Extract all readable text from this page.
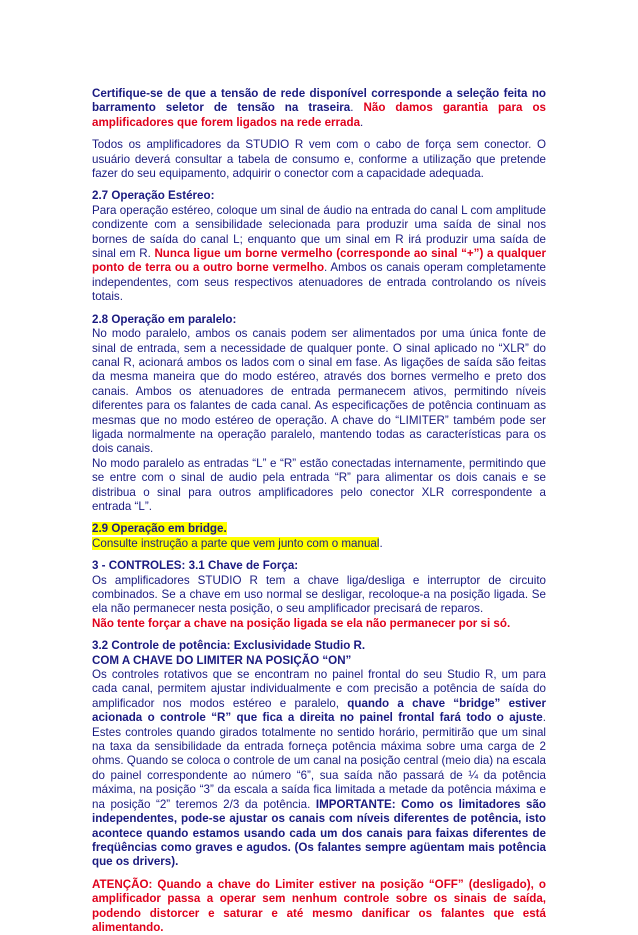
Certifique-se de que a tensão de rede disponível corresponde a seleção feita no barramento seletor de tensão na traseira. Não damos garantia para os amplificadores que forem ligados na rede errada.

Todos os amplificadores da STUDIO R vem com o cabo de força sem conector. O usuário deverá consultar a tabela de consumo e, conforme a utilização que pretende fazer do seu equipamento, adquirir o conector com a capacidade adequada.

2.7 Operação Estéreo:
Para operação estéreo, coloque um sinal de áudio na entrada do canal L com amplitude condizente com a sensibilidade selecionada para produzir uma saída de sinal nos bornes de saída do canal L; enquanto que um sinal em R irá produzir uma saída de sinal em R. Nunca ligue um borne vermelho (corresponde ao sinal “+”) a qualquer ponto de terra ou a outro borne vermelho. Ambos os canais operam completamente independentes, com seus respectivos atenuadores de entrada controlando os níveis totais.

2.8 Operação em paralelo:
No modo paralelo, ambos os canais podem ser alimentados por uma única fonte de sinal de entrada, sem a necessidade de qualquer ponte. O sinal aplicado no “XLR” do canal R, acionará ambos os lados com o sinal em fase. As ligações de saída são feitas da mesma maneira que do modo estéreo, através dos bornes vermelho e preto dos canais. Ambos os atenuadores de entrada permanecem ativos, permitindo níveis diferentes para os falantes de cada canal. As especificações de potência continuam as mesmas que no modo estéreo de operação. A chave do “LIMITER” também pode ser ligada normalmente na operação paralelo, mantendo todas as características para os dois canais.
No modo paralelo as entradas “L” e “R” estão conectadas internamente, permitindo que se entre com o sinal de audio pela entrada “R” para alimentar os dois canais e se distribua o sinal para outros amplificadores pelo conector XLR correspondente a entrada “L”.

2.9 Operação em bridge.
Consulte instrução a parte que vem junto com o manual.

3 - CONTROLES: 3.1 Chave de Força:
Os amplificadores STUDIO R tem a chave liga/desliga e interruptor de circuito combinados. Se a chave em uso normal se desligar, recoloque-a na posição ligada. Se ela não permanecer nesta posição, o seu amplificador precisará de reparos.
Não tente forçar a chave na posição ligada se ela não permanecer por si só.

3.2 Controle de potência: Exclusividade Studio R.
COM A CHAVE DO LIMITER NA POSIÇÃO “ON”
Os controles rotativos que se encontram no painel frontal do seu Studio R, um para cada canal, permitem ajustar individualmente e com precisão a potência de saída do amplificador nos modos estéreo e paralelo, quando a chave “bridge” estiver acionada o controle “R” que fica a direita no painel frontal fará todo o ajuste. Estes controles quando girados totalmente no sentido horário, permitirão que um sinal na taxa da sensibilidade da entrada forneça potência máxima sobre uma carga de 2 ohms. Quando se coloca o controle de um canal na posição central (meio dia) na escala do painel correspondente ao número “6”, sua saída não passará de ¼ da potência máxima, na posição “3” da escala a saída fica limitada a metade da potência máxima e na posição “2” teremos 2/3 da potência. IMPORTANTE: Como os limitadores são independentes, pode-se ajustar os canais com níveis diferentes de potência, isto acontece quando estamos usando cada um dos canais para faixas diferentes de freqüências como graves e agudos. (Os falantes sempre agüentam mais potência que os drivers).

ATENÇÃO: Quando a chave do Limiter estiver na posição “OFF” (desligado), o amplificador passa a operar sem nenhum controle sobre os sinais de saída, podendo distorcer e saturar e até mesmo danificar os falantes que está alimentando.
